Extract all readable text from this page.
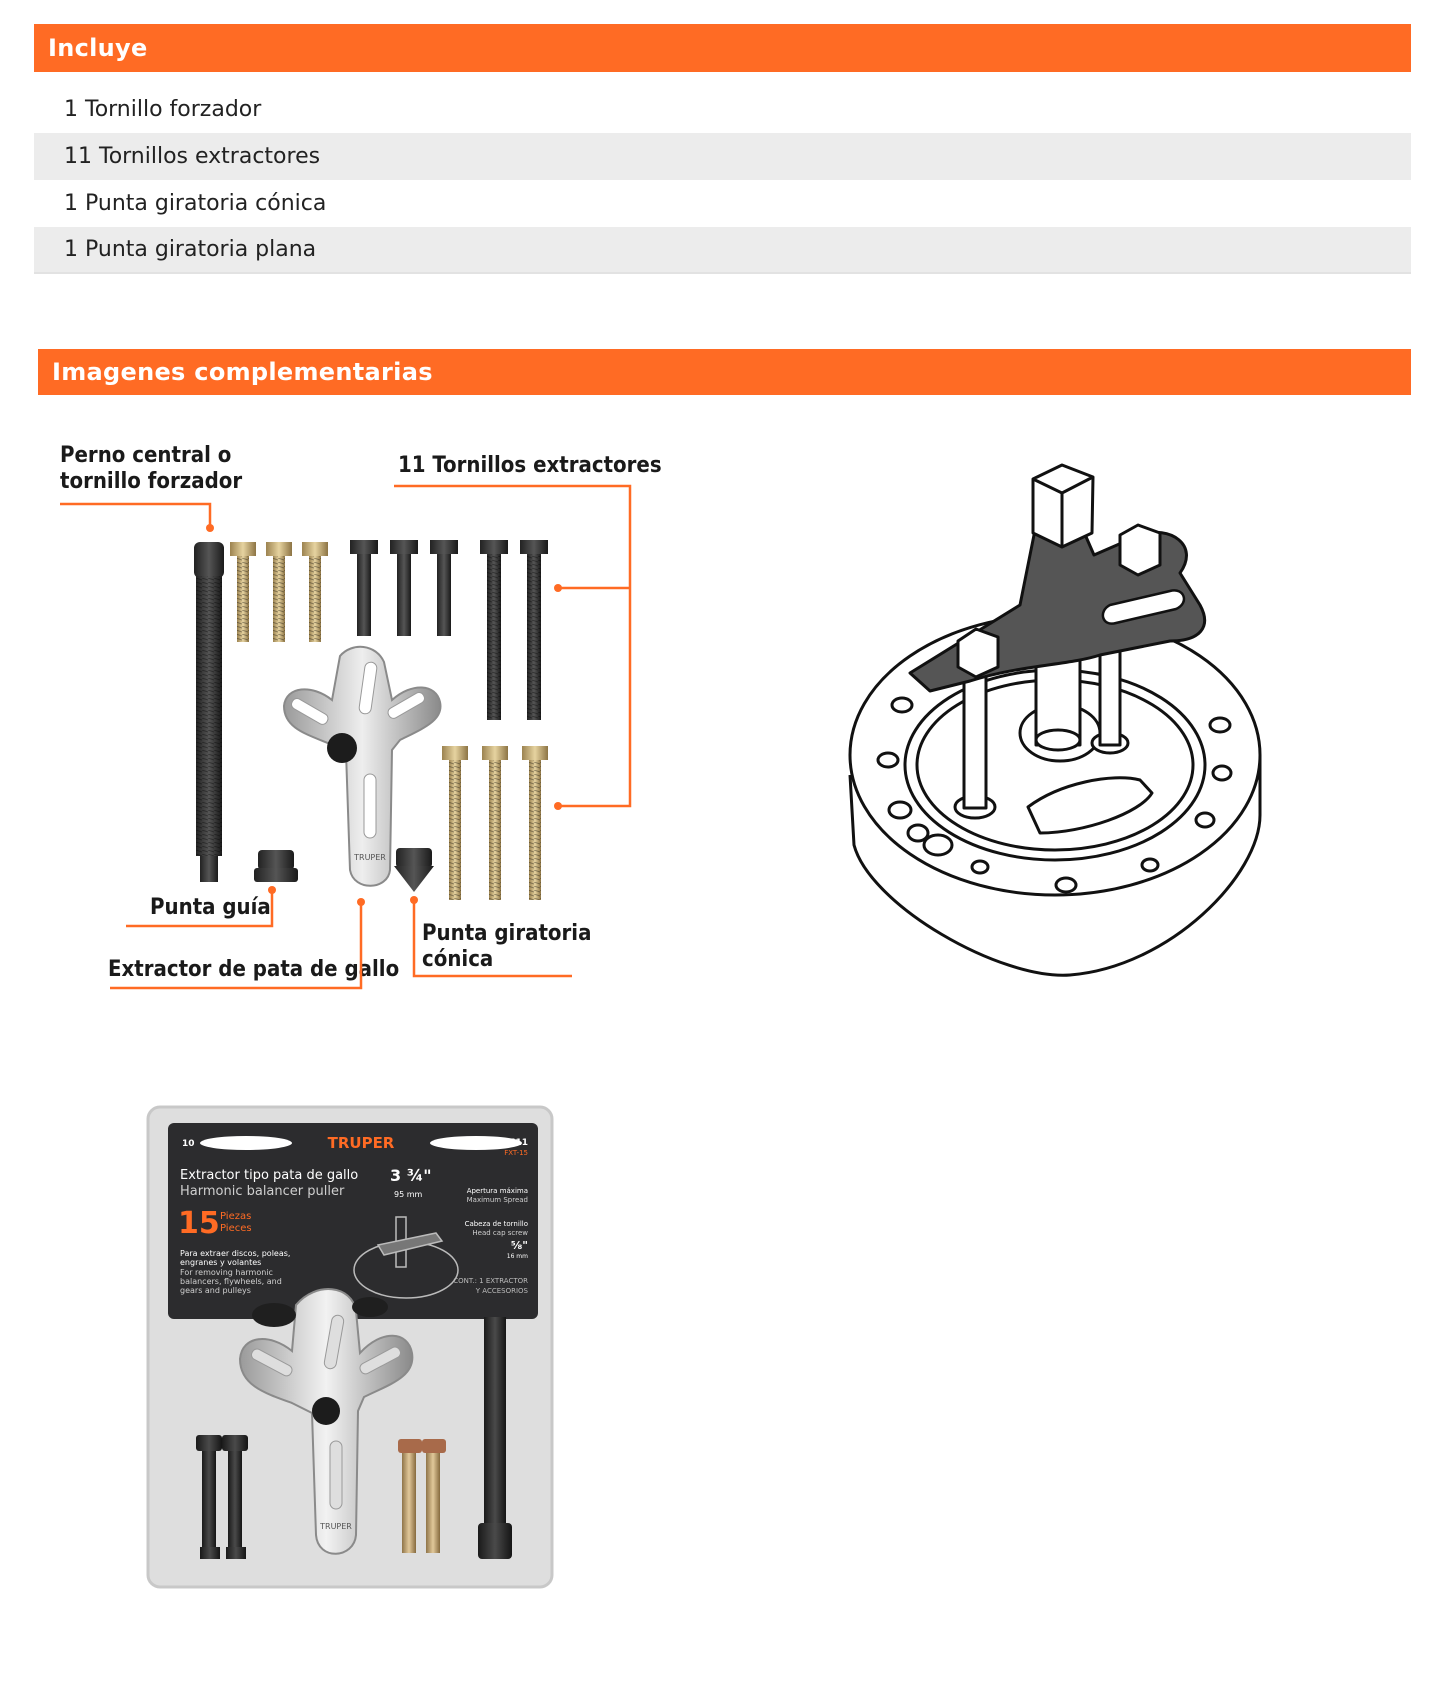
Incluye
1 Tornillo forzador
11 Tornillos extractores
1 Punta giratoria cónica
1 Punta giratoria plana
Imagenes complementarias
Perno central o
tornillo forzador
11 Tornillos extractores
TRUPER
Punta guía
Extractor de pata de gallo
Punta giratoria
cónica
TRUPER
10	14511
FXT-15
Extractor tipo pata de gallo
Harmonic balancer puller
3 ¾"
95 mm	Apertura máxima
Maximum Spread
15 Piezas
Pieces	Cabeza de tornillo
Head cap screw
⅝"
16 mm
Para extraer discos, poleas,
engranes y volantes
For removing harmonic
balancers, flywheels, and
gears and pulleys
CONT.: 1 EXTRACTOR
Y ACCESORIOS
TRUPER
